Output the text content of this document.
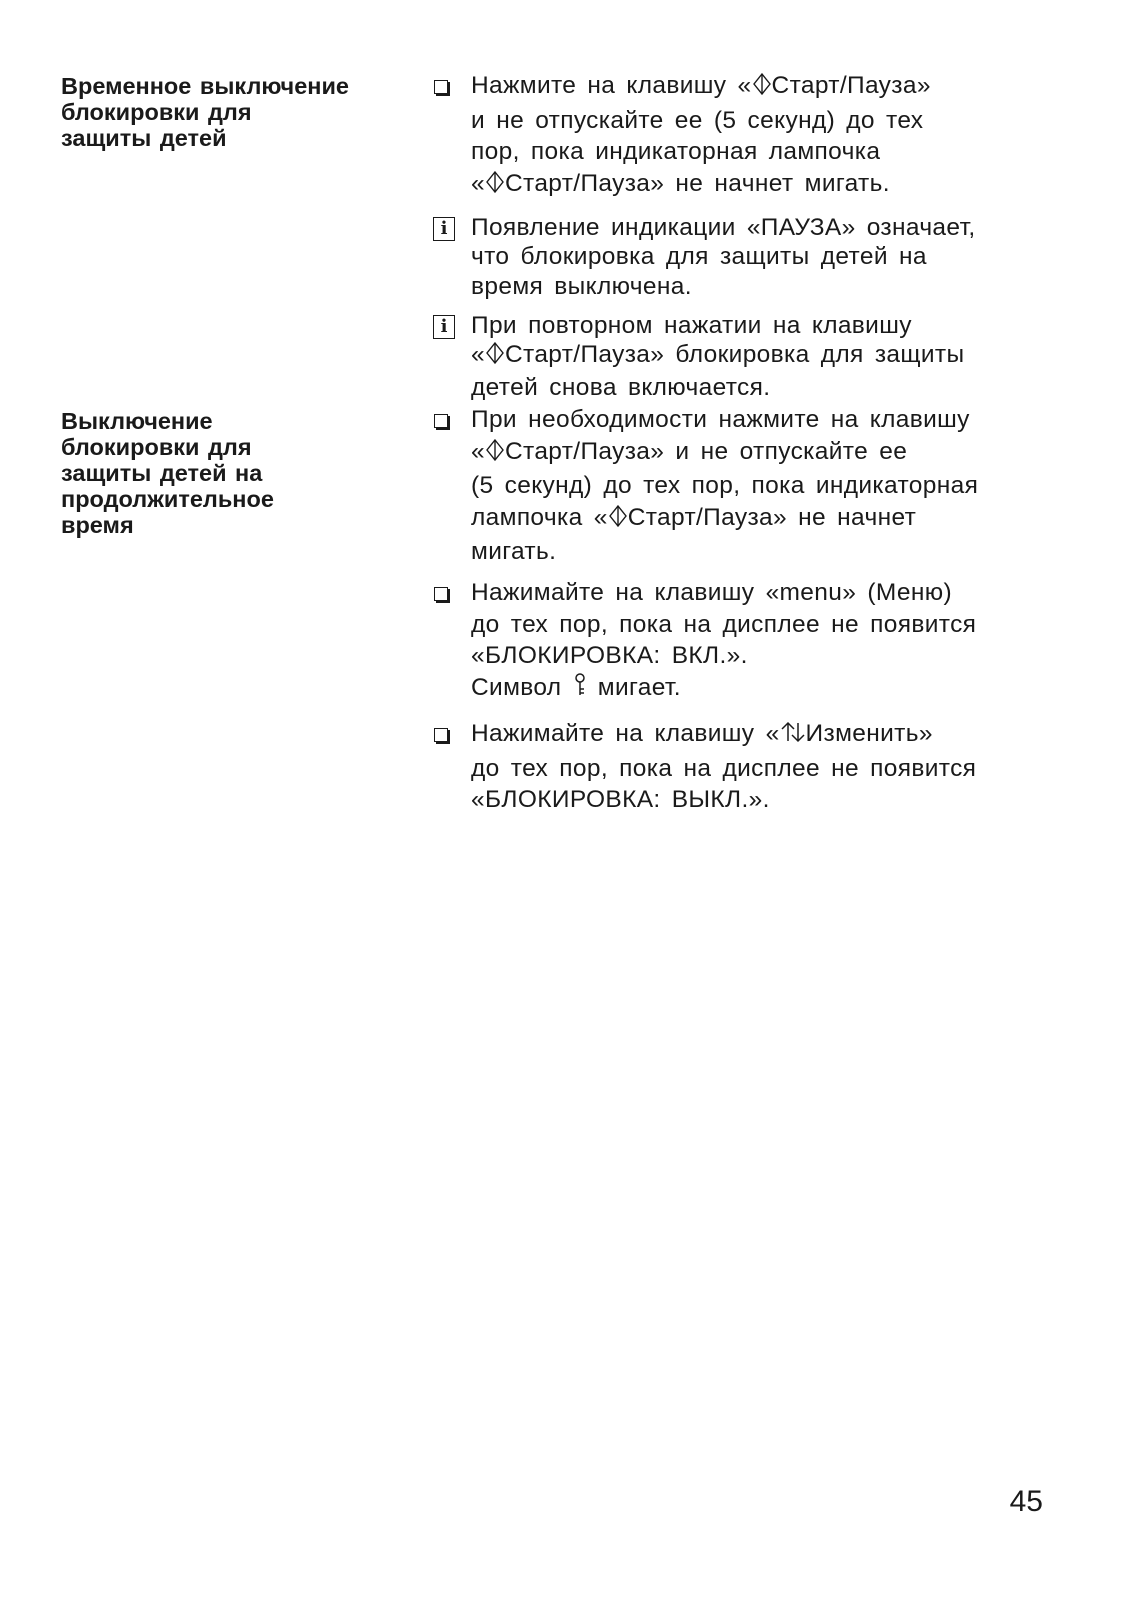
Временное выключение
блокировки для
защиты детей
Выключение
блокировки для
защиты детей на
продолжительное
время
Нажмите на клавишу « Старт/Пауза»
и не отпускайте ее (5 секунд) до тех
пор, пока индикаторная лампочка
« Старт/Пауза» не начнет мигать.
i Появление индикации «ПАУЗА» означает,
что блокировка для защиты детей на
время выключена.
i При повторном нажатии на клавишу
« Старт/Пауза» блокировка для защиты
детей снова включается.
При необходимости нажмите на клавишу
« Старт/Пауза» и не отпускайте ее
(5 секунд) до тех пор, пока индикаторная
лампочка « Старт/Пауза» не начнет
мигать.
Нажимайте на клавишу «menu» (Меню)
до тех пор, пока на дисплее не появится
«БЛОКИРОВКА: ВКЛ.».
Символ  мигает.
Нажимайте на клавишу « Изменить»
до тех пор, пока на дисплее не появится
«БЛОКИРОВКА: ВЫКЛ.».
45
